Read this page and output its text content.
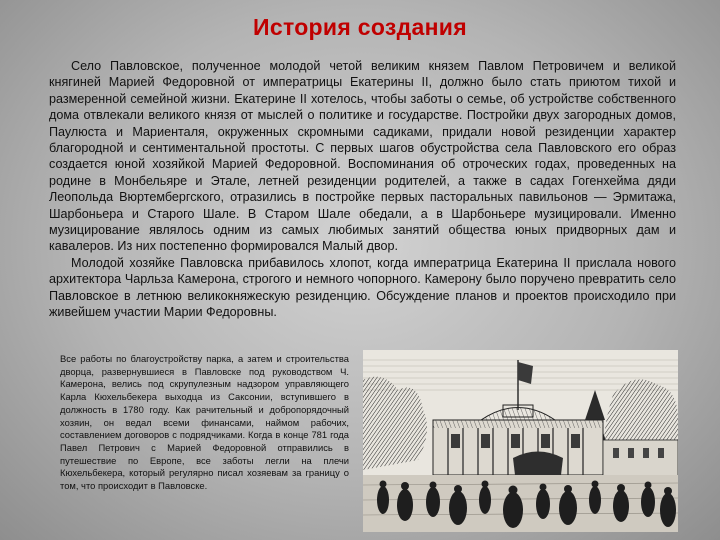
История создания

Село Павловское, полученное молодой четой великим князем Павлом Петровичем и великой княгиней Марией Федоровной от императрицы Екатерины II, должно было стать приютом тихой и размеренной семейной жизни. Екатерине II хотелось, чтобы заботы о семье, об устройстве собственного дома отвлекали великого князя от мыслей о политике и государстве. Постройки двух загородных домов, Паулюста и Мариенталя, окруженных скромными садиками, придали новой резиденции характер благородной и сентиментальной простоты. С первых шагов обустройства села Павловского его образ создается юной хозяйкой Марией Федоровной. Воспоминания об отроческих годах, проведенных на родине в Монбельяре и Этале, летней резиденции родителей, а также в садах Гогенхейма дяди Леопольда Вюртембергского, отразились в постройке первых пасторальных павильонов — Эрмитажа, Шарбоньера и Старого Шале. В Старом Шале обедали, а в Шарбоньере музицировали. Именно музицирование являлось одним из самых любимых занятий общества юных придворных дам и кавалеров. Из них постепенно формировался Малый двор.

Молодой хозяйке Павловска прибавилось хлопот, когда императрица Екатерина II прислала нового архитектора Чарльза Камерона, строгого и немного чопорного. Камерону было поручено превратить село Павловское в летнюю великокняжескую резиденцию. Обсуждение планов и проектов происходило при живейшем участии Марии Федоровны.

Все работы по благоустройству парка, а затем и строительства дворца, развернувшиеся в Павловске под руководством Ч. Камерона, велись под скрупулезным надзором управляющего Карла Кюхельбекера выходца из Саксонии, вступившего в должность в 1780 году. Как рачительный и добропорядочный хозяин, он ведал всеми финансами, наймом рабочих, составлением договоров с подрядчиками. Когда в конце 781 года Павел Петрович с Марией Федоровной отправились в путешествие по Европе, все заботы легли на плечи Кюхельбекера, который регулярно писал хозяевам за границу о том, что происходит в Павловске.
